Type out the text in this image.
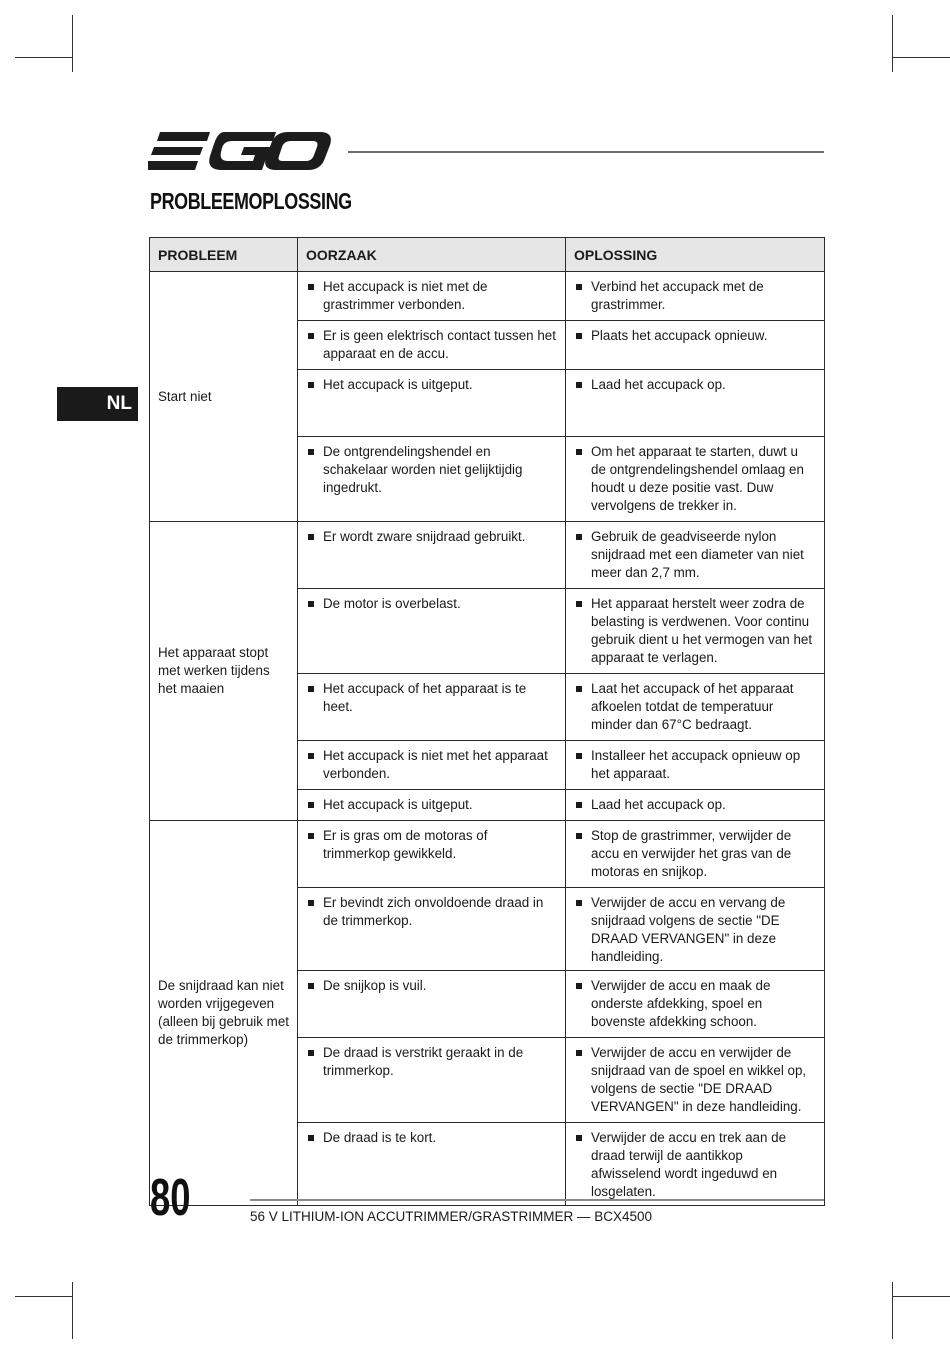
PROBLEEMOPLOSSING
NL
PROBLEEM	OORZAAK	OPLOSSING
Start niet	Het accupack is niet met de grastrimmer verbonden.	Verbind het accupack met de grastrimmer.

	Er is geen elektrisch contact tussen het apparaat en de accu.	Plaats het accupack opnieuw.

	Het accupack is uitgeput.	Laad het accupack op.

	De ontgrendelingshendel en schakelaar worden niet gelijktijdig ingedrukt.	Om het apparaat te starten, duwt u de ontgrendelingshendel omlaag en houdt u deze positie vast. Duw vervolgens de trekker in.

Het apparaat stopt met werken tijdens het maaien	Er wordt zware snijdraad gebruikt.	Gebruik de geadviseerde nylon snijdraad met een diameter van niet meer dan 2,7 mm.

	De motor is overbelast.	Het apparaat herstelt weer zodra de belasting is verdwenen. Voor continu gebruik dient u het vermogen van het apparaat te verlagen.

	Het accupack of het apparaat is te heet.	Laat het accupack of het apparaat afkoelen totdat de temperatuur minder dan 67°C bedraagt.

	Het accupack is niet met het apparaat verbonden.	Installeer het accupack opnieuw op het apparaat.

	Het accupack is uitgeput.	Laad het accupack op.

De snijdraad kan niet worden vrijgegeven (alleen bij gebruik met de trimmerkop)	Er is gras om de motoras of trimmerkop gewikkeld.	Stop de grastrimmer, verwijder de accu en verwijder het gras van de motoras en snijkop.

	Er bevindt zich onvoldoende draad in de trimmerkop.	Verwijder de accu en vervang de snijdraad volgens de sectie "DE DRAAD VERVANGEN" in deze handleiding.

	De snijkop is vuil.	Verwijder de accu en maak de onderste afdekking, spoel en bovenste afdekking schoon.

	De draad is verstrikt geraakt in de trimmerkop.	Verwijder de accu en verwijder de snijdraad van de spoel en wikkel op, volgens de sectie "DE DRAAD VERVANGEN" in deze handleiding.

	De draad is te kort.	Verwijder de accu en trek aan de draad terwijl de aantikkop afwisselend wordt ingeduwd en losgelaten.
80	56 V LITHIUM-ION ACCUTRIMMER/GRASTRIMMER — BCX4500
